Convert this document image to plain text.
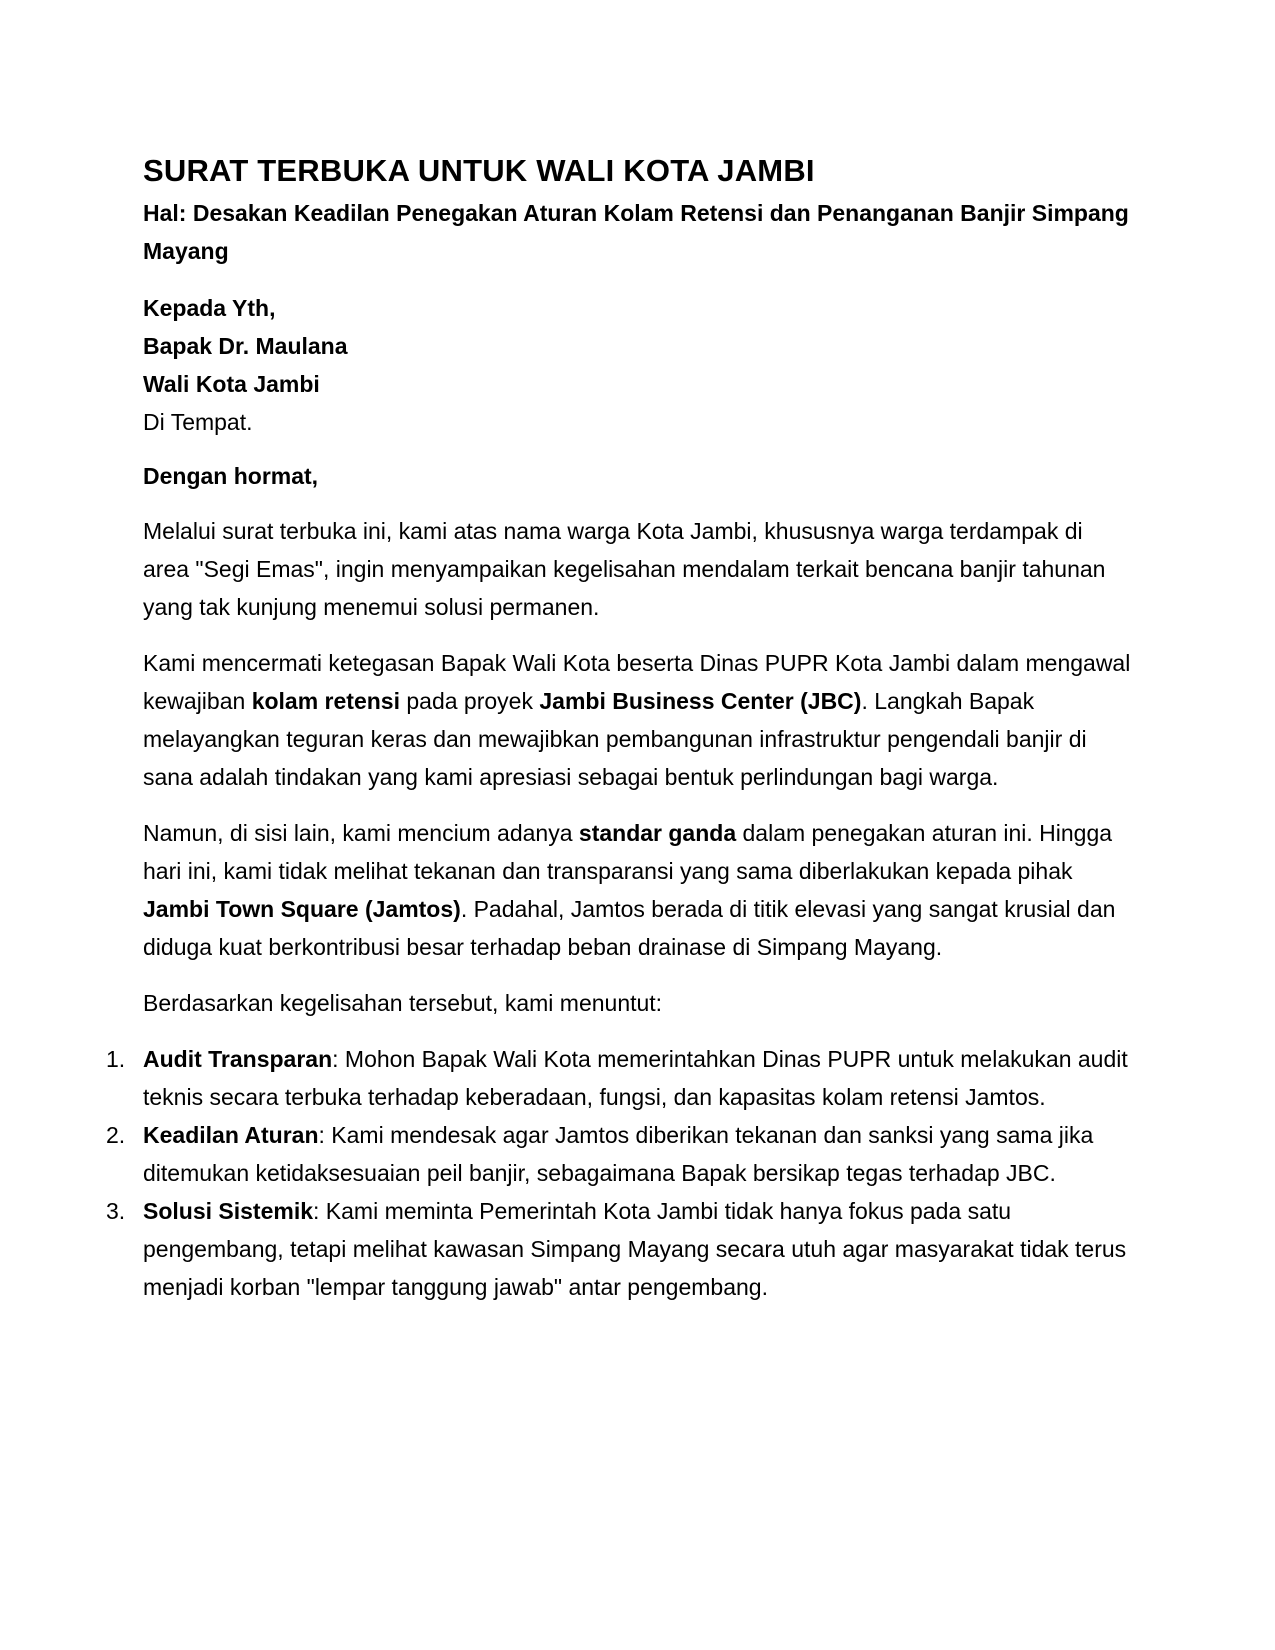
SURAT TERBUKA UNTUK WALI KOTA JAMBI

Hal: Desakan Keadilan Penegakan Aturan Kolam Retensi dan Penanganan Banjir Simpang Mayang

Kepada Yth,
Bapak Dr. Maulana
Wali Kota Jambi
Di Tempat.

Dengan hormat,

Melalui surat terbuka ini, kami atas nama warga Kota Jambi, khususnya warga terdampak di area "Segi Emas", ingin menyampaikan kegelisahan mendalam terkait bencana banjir tahunan yang tak kunjung menemui solusi permanen.

Kami mencermati ketegasan Bapak Wali Kota beserta Dinas PUPR Kota Jambi dalam mengawal kewajiban kolam retensi pada proyek Jambi Business Center (JBC). Langkah Bapak melayangkan teguran keras dan mewajibkan pembangunan infrastruktur pengendali banjir di sana adalah tindakan yang kami apresiasi sebagai bentuk perlindungan bagi warga.

Namun, di sisi lain, kami mencium adanya standar ganda dalam penegakan aturan ini. Hingga hari ini, kami tidak melihat tekanan dan transparansi yang sama diberlakukan kepada pihak Jambi Town Square (Jamtos). Padahal, Jamtos berada di titik elevasi yang sangat krusial dan diduga kuat berkontribusi besar terhadap beban drainase di Simpang Mayang.

Berdasarkan kegelisahan tersebut, kami menuntut:

1. Audit Transparan: Mohon Bapak Wali Kota memerintahkan Dinas PUPR untuk melakukan audit teknis secara terbuka terhadap keberadaan, fungsi, dan kapasitas kolam retensi Jamtos.
2. Keadilan Aturan: Kami mendesak agar Jamtos diberikan tekanan dan sanksi yang sama jika ditemukan ketidaksesuaian peil banjir, sebagaimana Bapak bersikap tegas terhadap JBC.
3. Solusi Sistemik: Kami meminta Pemerintah Kota Jambi tidak hanya fokus pada satu pengembang, tetapi melihat kawasan Simpang Mayang secara utuh agar masyarakat tidak terus menjadi korban "lempar tanggung jawab" antar pengembang.
